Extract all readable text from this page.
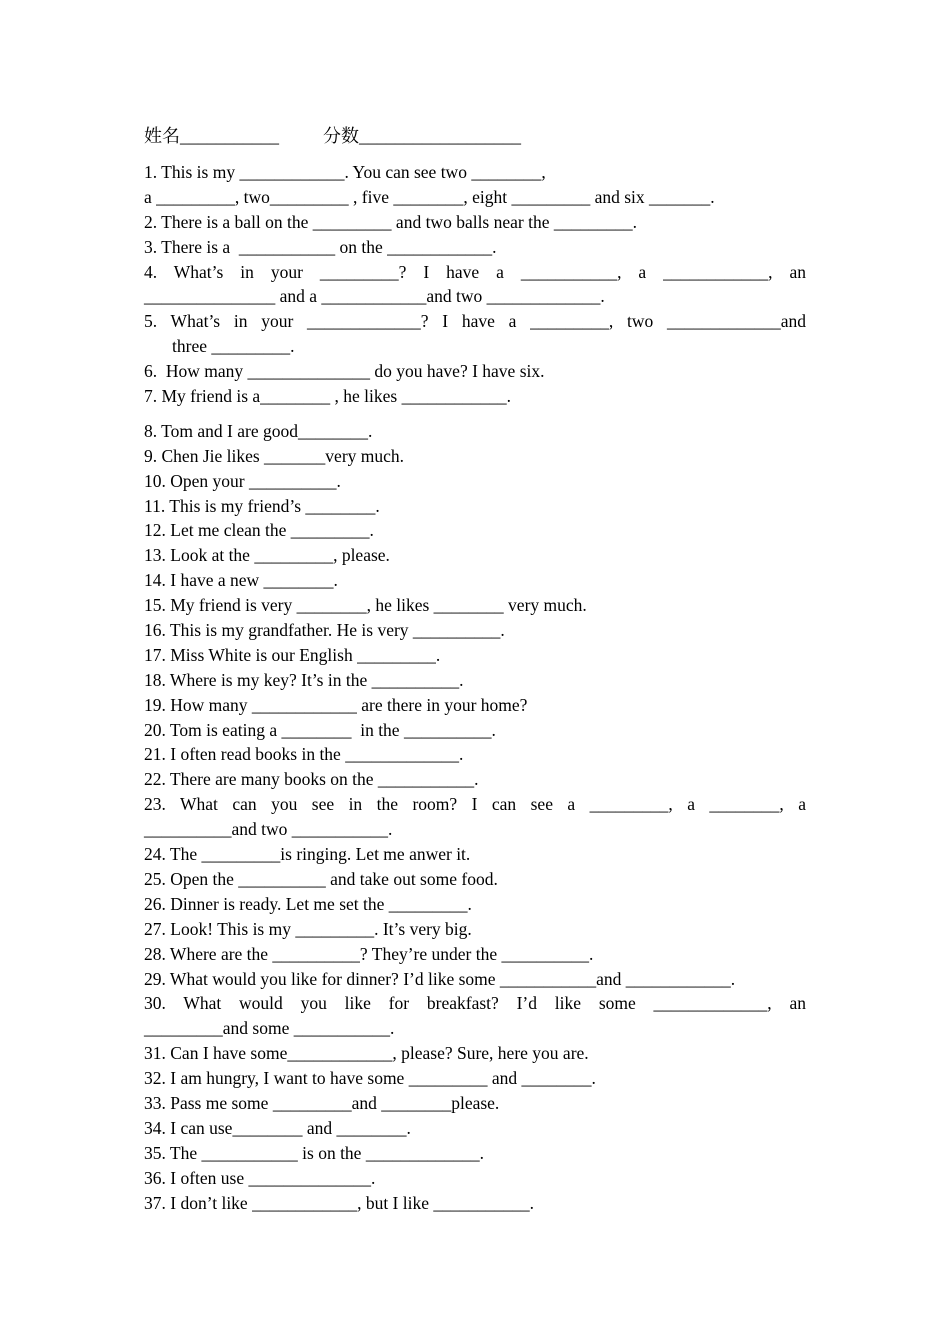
姓名___________ 分数__________________
1. This is my ____________. You can see two ________,
a _________, two_________ , five ________, eight _________ and six _______.
2. There is a ball on the _________ and two balls near the _________.
3. There is a  ___________ on the ____________.
4. What’s in your _________? I have a ___________, a ____________, an
_______________ and a ____________and two _____________.
5. What’s in your _____________? I have a _________, two _____________and
three _________.
6.  How many ______________ do you have? I have six.
7. My friend is a________ , he likes ____________.
8. Tom and I are good________.
9. Chen Jie likes _______very much.
10. Open your __________.
11. This is my friend’s ________.
12. Let me clean the _________.
13. Look at the _________, please.
14. I have a new ________.
15. My friend is very ________, he likes ________ very much.
16. This is my grandfather. He is very __________.
17. Miss White is our English _________.
18. Where is my key? It’s in the __________.
19. How many ____________ are there in your home?
20. Tom is eating a ________  in the __________.
21. I often read books in the _____________.
22. There are many books on the ___________.
23. What can you see in the room? I can see a _________, a ________, a
__________and two ___________.
24. The _________is ringing. Let me anwer it.
25. Open the __________ and take out some food.
26. Dinner is ready. Let me set the _________.
27. Look! This is my _________. It’s very big.
28. Where are the __________? They’re under the __________.
29. What would you like for dinner? I’d like some ___________and ____________.
30. What would you like for breakfast? I’d like some _____________, an
_________and some ___________.
31. Can I have some____________, please? Sure, here you are.
32. I am hungry, I want to have some _________ and ________.
33. Pass me some _________and ________please.
34. I can use________ and ________.
35. The ___________ is on the _____________.
36. I often use ______________.
37. I don’t like ____________, but I like ___________.
